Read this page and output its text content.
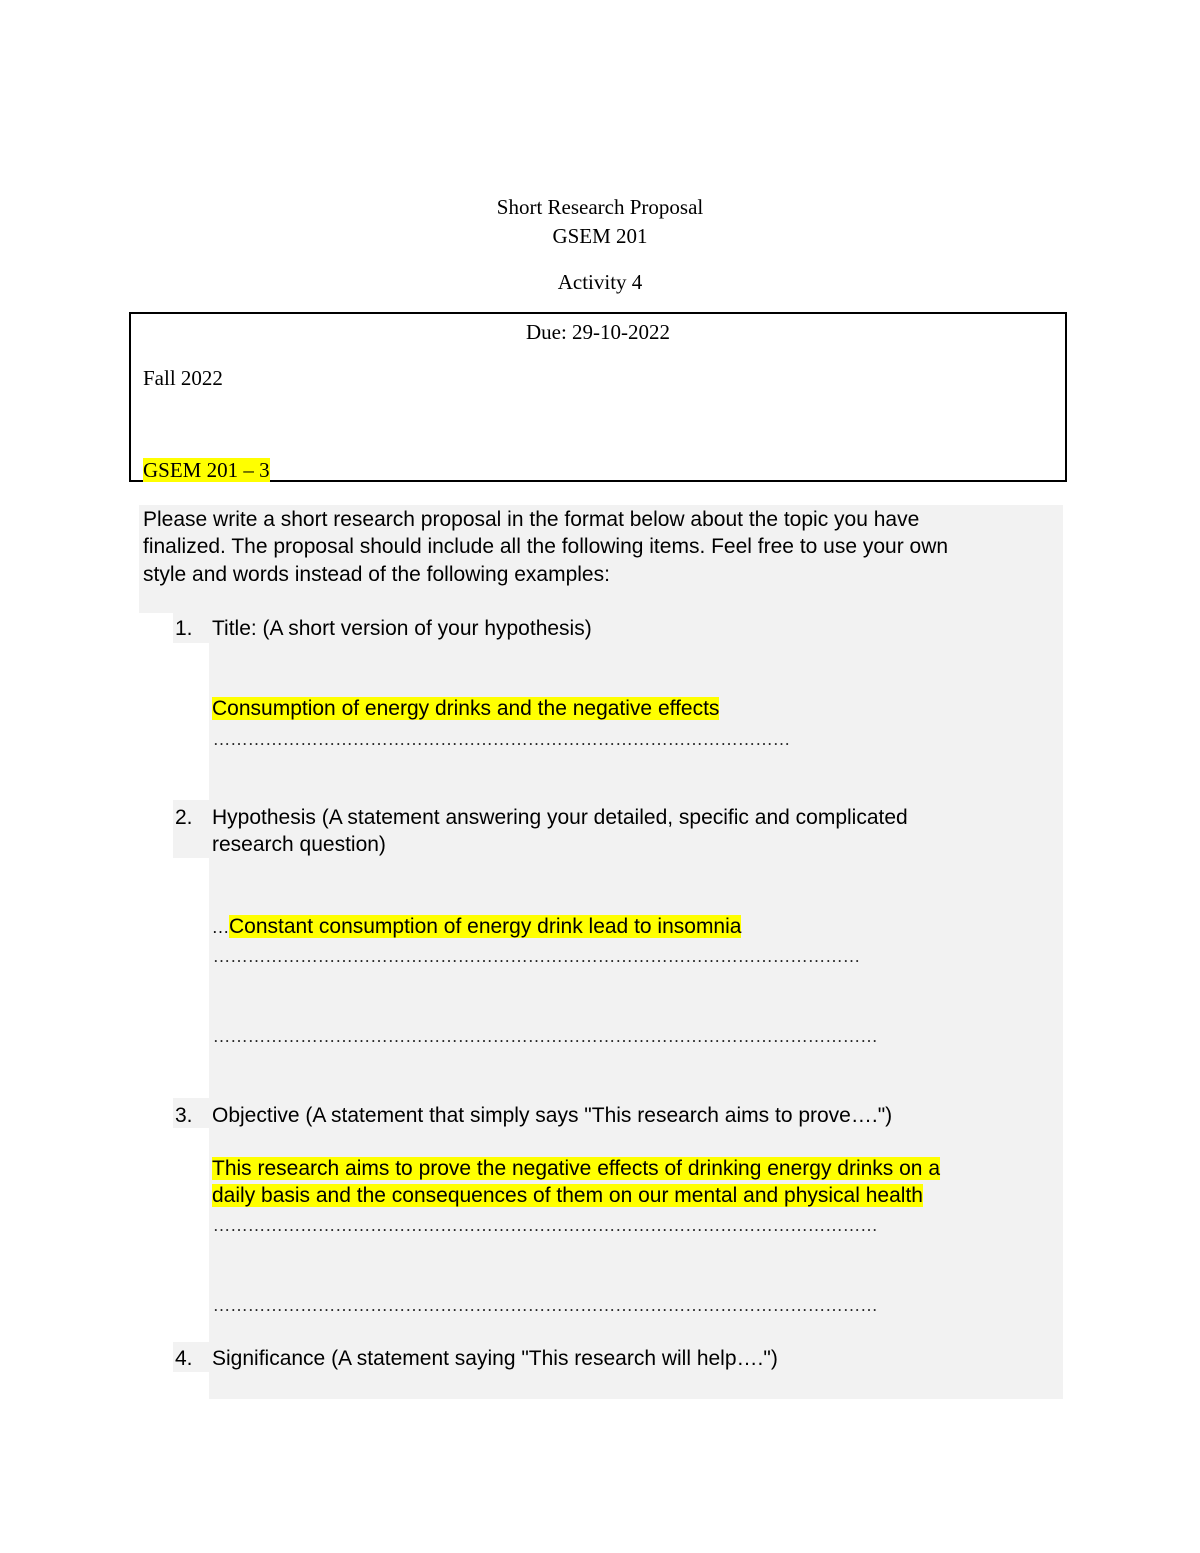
Short Research Proposal
GSEM 201
Activity 4
Due: 29-10-2022
Fall 2022
GSEM 201 – 3
Please write a short research proposal in the format below about the topic you have
finalized. The proposal should include all the following items. Feel free to use your own
style and words instead of the following examples:
1. Title: (A short version of your hypothesis)
Consumption of energy drinks and the negative effects
………………………………………………………………………………………
2. Hypothesis (A statement answering your detailed, specific and complicated
research question)
…Constant consumption of energy drink lead to insomnia
…………………………………………………………………………………………………
……………………………………………………………………………………………………
3. Objective (A statement that simply says "This research aims to prove….")
This research aims to prove the negative effects of drinking energy drinks on a
daily basis and the consequences of them on our mental and physical health
……………………………………………………………………………………………………
……………………………………………………………………………………………………
4. Significance (A statement saying "This research will help….")
